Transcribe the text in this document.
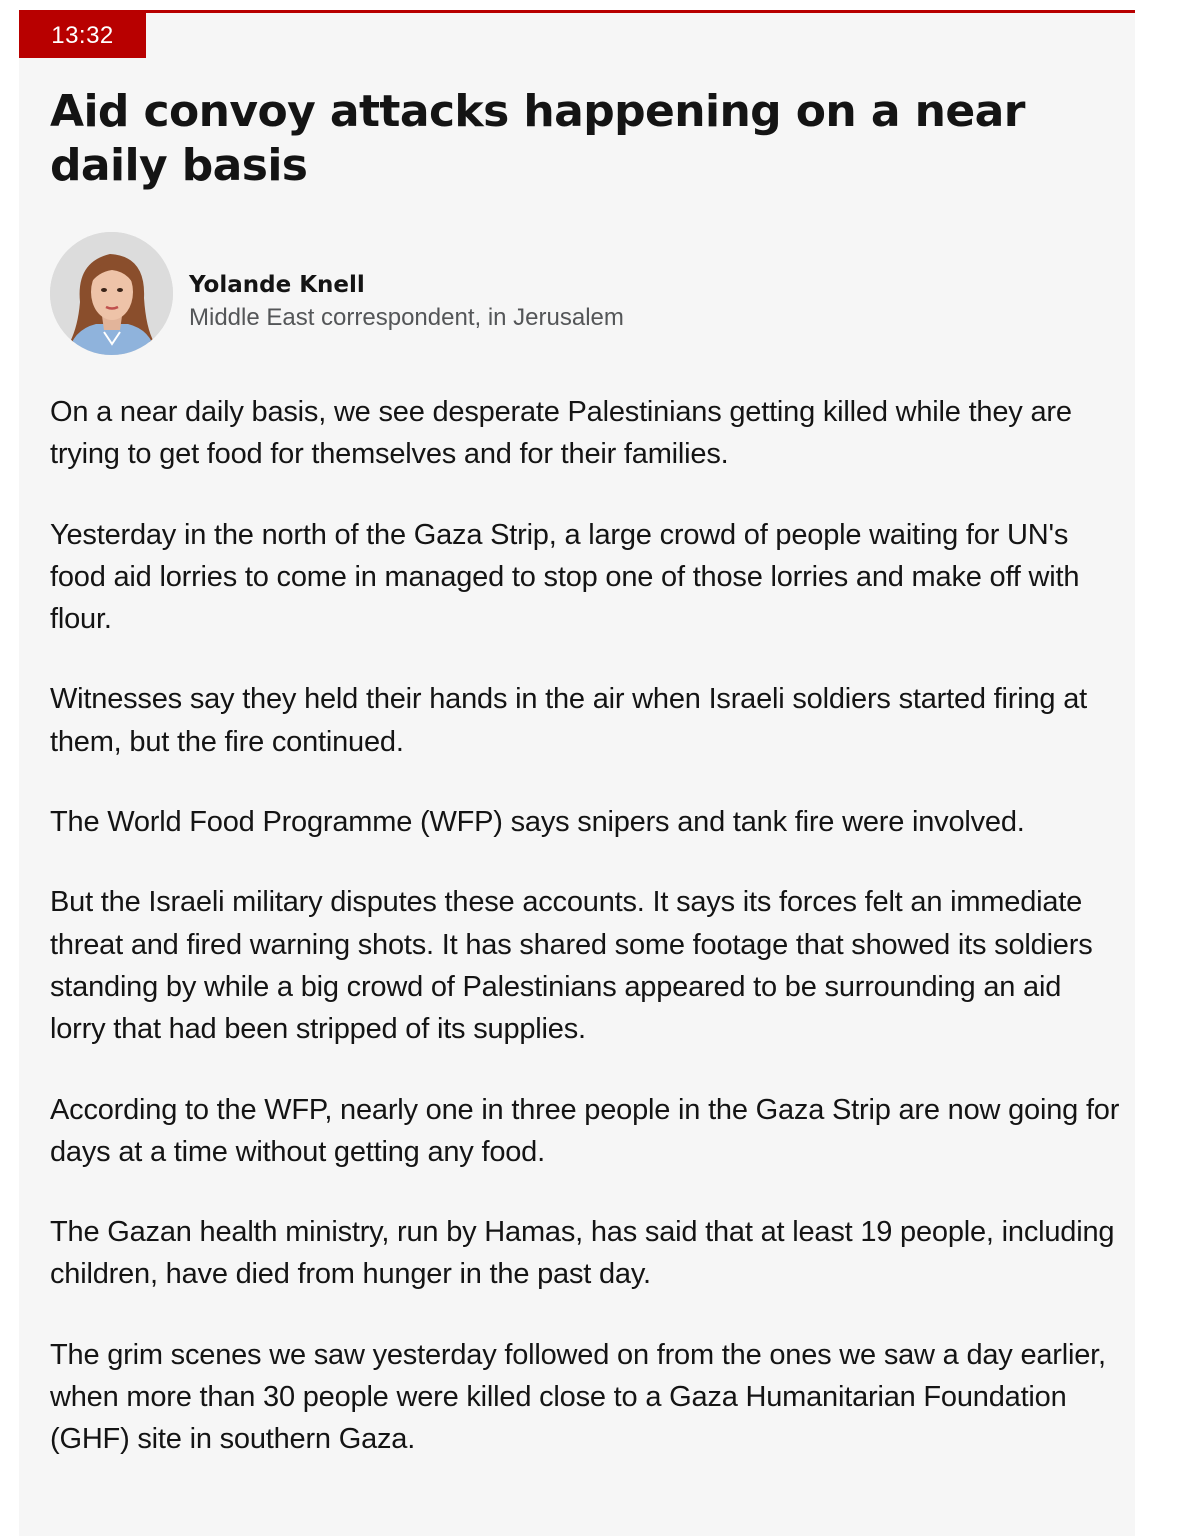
13:32
Aid convoy attacks happening on a near daily basis
Yolande Knell
Middle East correspondent, in Jerusalem

On a near daily basis, we see desperate Palestinians getting killed while they are trying to get food for themselves and for their families.

Yesterday in the north of the Gaza Strip, a large crowd of people waiting for UN's food aid lorries to come in managed to stop one of those lorries and make off with flour.

Witnesses say they held their hands in the air when Israeli soldiers started firing at them, but the fire continued.

The World Food Programme (WFP) says snipers and tank fire were involved.

But the Israeli military disputes these accounts. It says its forces felt an immediate threat and fired warning shots. It has shared some footage that showed its soldiers standing by while a big crowd of Palestinians appeared to be surrounding an aid lorry that had been stripped of its supplies.

According to the WFP, nearly one in three people in the Gaza Strip are now going for days at a time without getting any food.

The Gazan health ministry, run by Hamas, has said that at least 19 people, including children, have died from hunger in the past day.

The grim scenes we saw yesterday followed on from the ones we saw a day earlier, when more than 30 people were killed close to a Gaza Humanitarian Foundation (GHF) site in southern Gaza.
